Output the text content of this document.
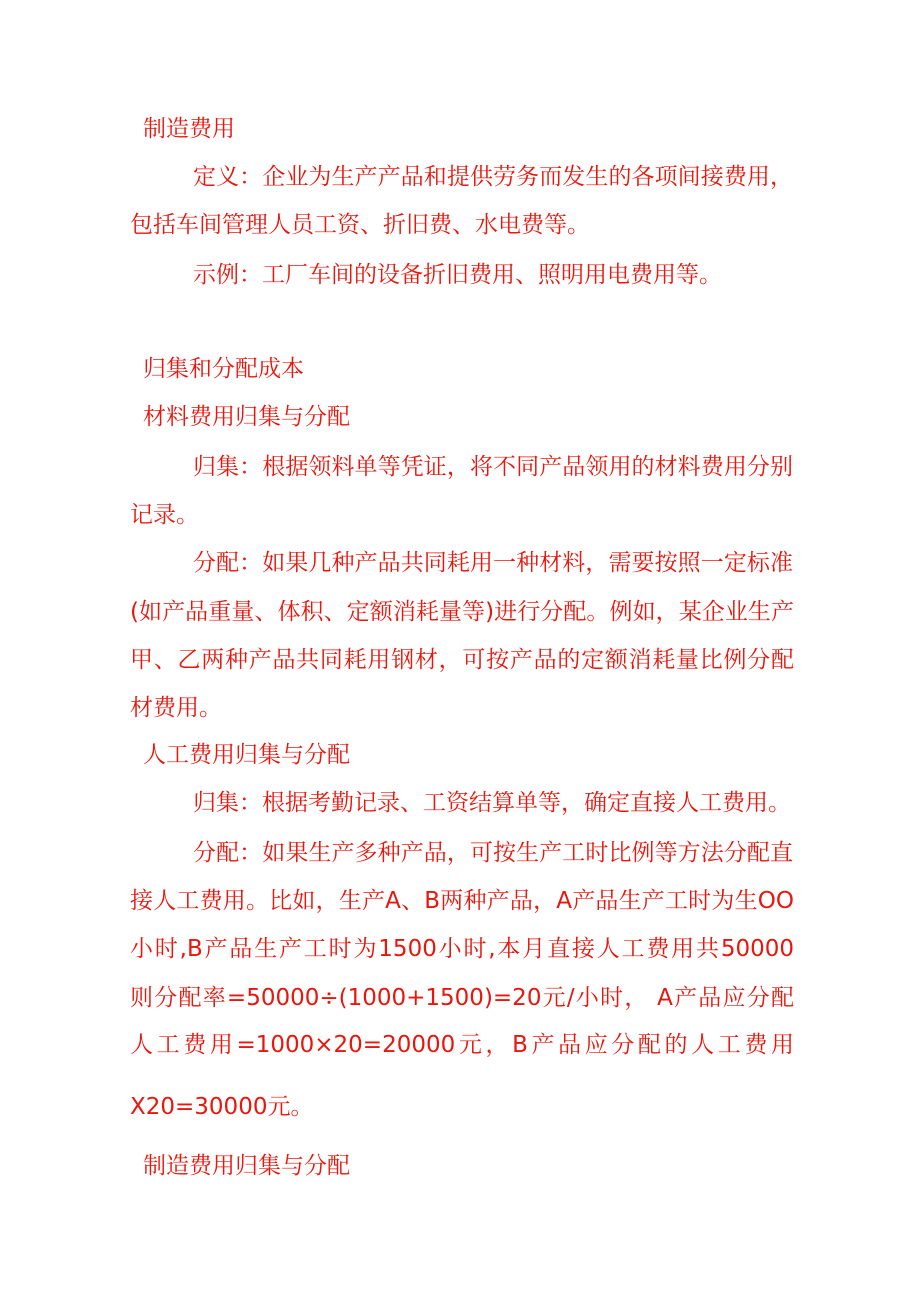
制造费用
定义：企业为生产产品和提供劳务而发生的各项间接费用，
包括车间管理人员工资、折旧费、水电费等。
示例：工厂车间的设备折旧费用、照明用电费用等。
归集和分配成本
材料费用归集与分配
归集：根据领料单等凭证，将不同产品领用的材料费用分别
记录。
分配：如果几种产品共同耗用一种材料，需要按照一定标准
(如产品重量、体积、定额消耗量等)进行分配。例如，某企业生产
甲、乙两种产品共同耗用钢材，可按产品的定额消耗量比例分配
材费用。
人工费用归集与分配
归集：根据考勤记录、工资结算单等，确定直接人工费用。
分配：如果生产多种产品，可按生产工时比例等方法分配直
接人工费用。比如，生产A、B两种产品，A产品生产工时为生OO
小时,B产品生产工时为1500小时,本月直接人工费用共50000
则分配率=50000÷(1000+1500)=20元/小时， A产品应分配
人工费用=1000×20=20000元，B产品应分配的人工费用
X20=30000元。
制造费用归集与分配
